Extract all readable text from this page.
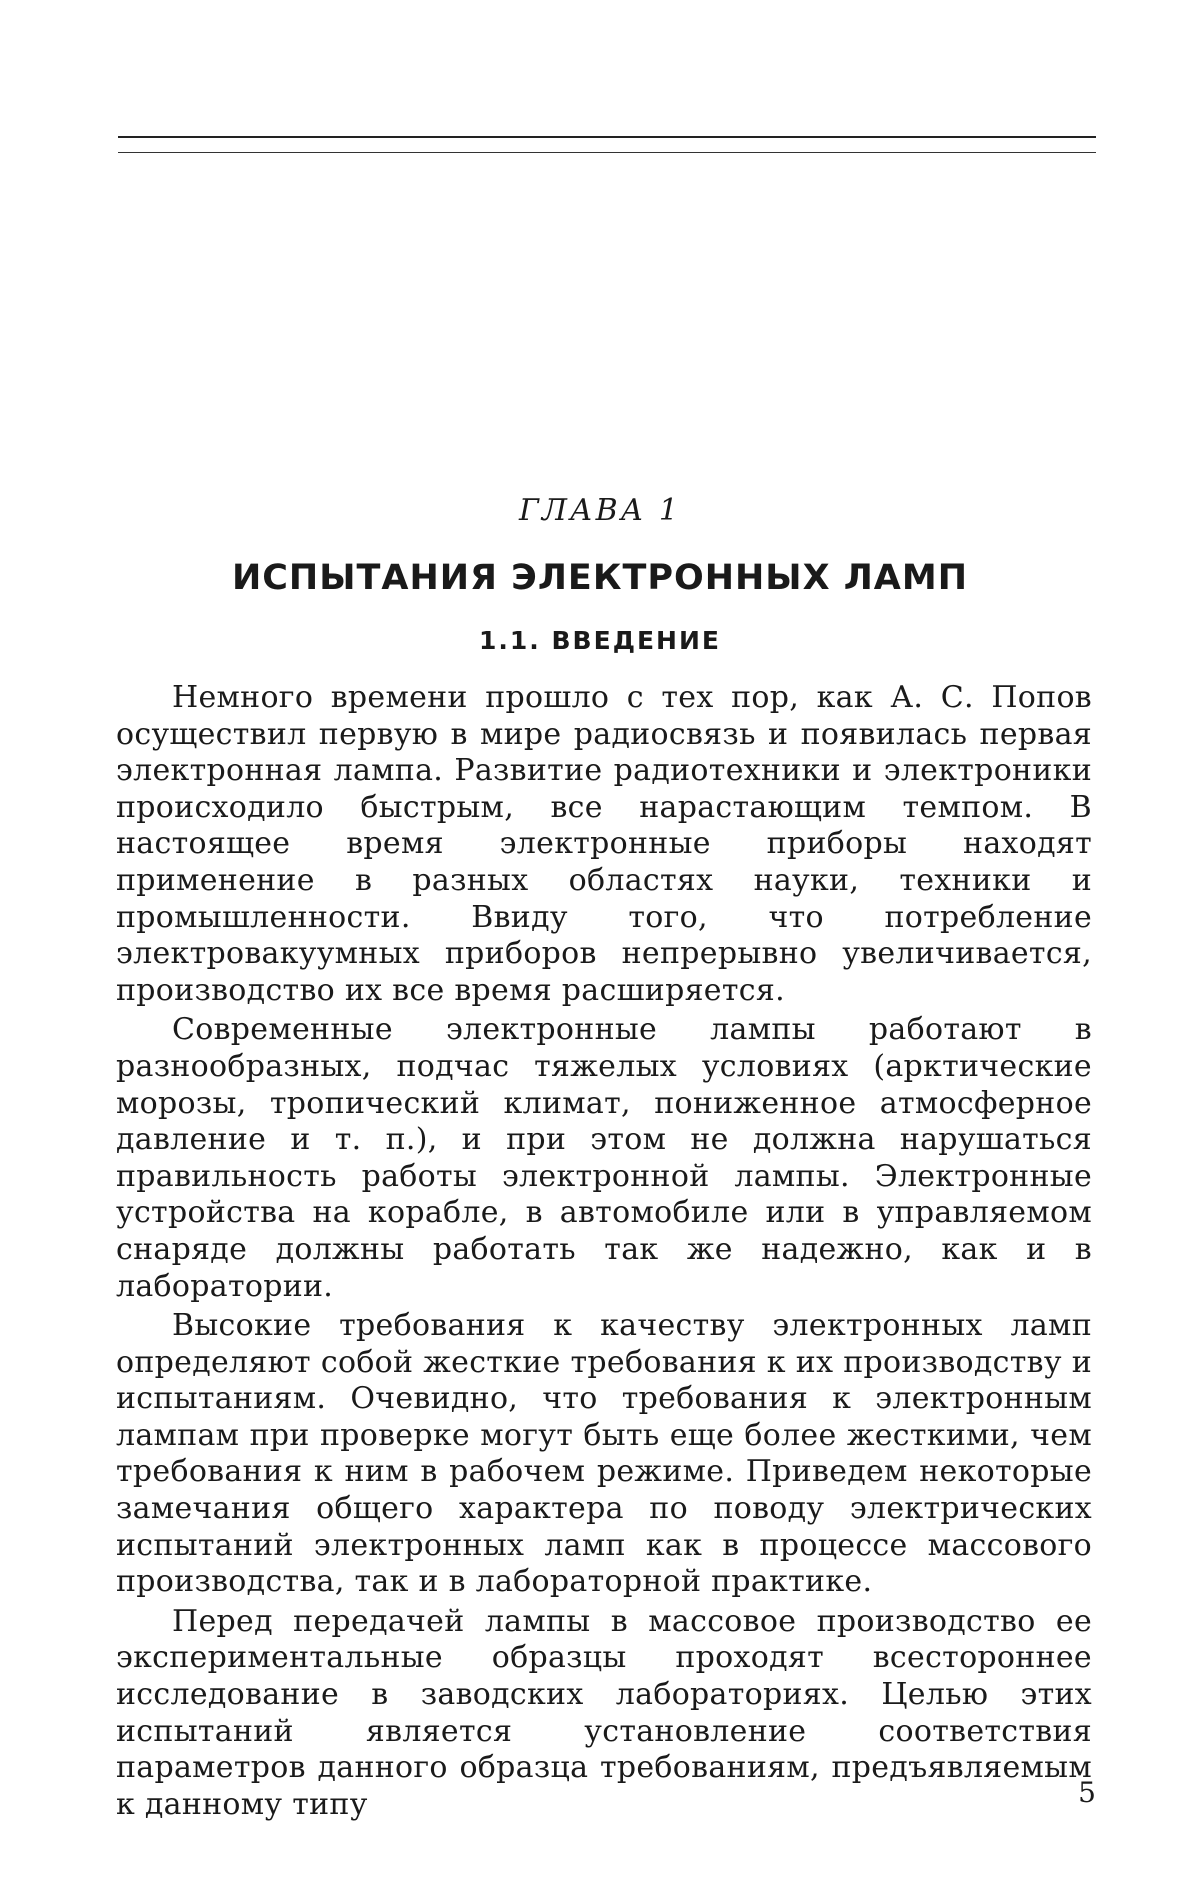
ГЛАВА 1
ИСПЫТАНИЯ ЭЛЕКТРОННЫХ ЛАМП
1.1. ВВЕДЕНИЕ

Немного времени прошло с тех пор, как А. С. Попов осуществил первую в мире радиосвязь и появилась первая электронная лампа. Развитие радиотехники и электроники происходило быстрым, все нарастающим темпом. В настоящее время электронные приборы находят применение в разных областях науки, техники и промышленности. Ввиду того, что потребление электровакуумных приборов непрерывно увеличивается, производство их все время расширяется.

Современные электронные лампы работают в разнообразных, подчас тяжелых условиях (арктические морозы, тропический климат, пониженное атмосферное давление и т. п.), и при этом не должна нарушаться правильность работы электронной лампы. Электронные устройства на корабле, в автомобиле или в управляемом снаряде должны работать так же надежно, как и в лаборатории.

Высокие требования к качеству электронных ламп определяют собой жесткие требования к их производству и испытаниям. Очевидно, что требования к электронным лампам при проверке могут быть еще более жесткими, чем требования к ним в рабочем режиме. Приведем некоторые замечания общего характера по поводу электрических испытаний электронных ламп как в процессе массового производства, так и в лабораторной практике.

Перед передачей лампы в массовое производство ее экспериментальные образцы проходят всестороннее исследование в заводских лабораториях. Целью этих испытаний является установление соответствия параметров данного образца требованиям, предъявляемым к данному типу	5
